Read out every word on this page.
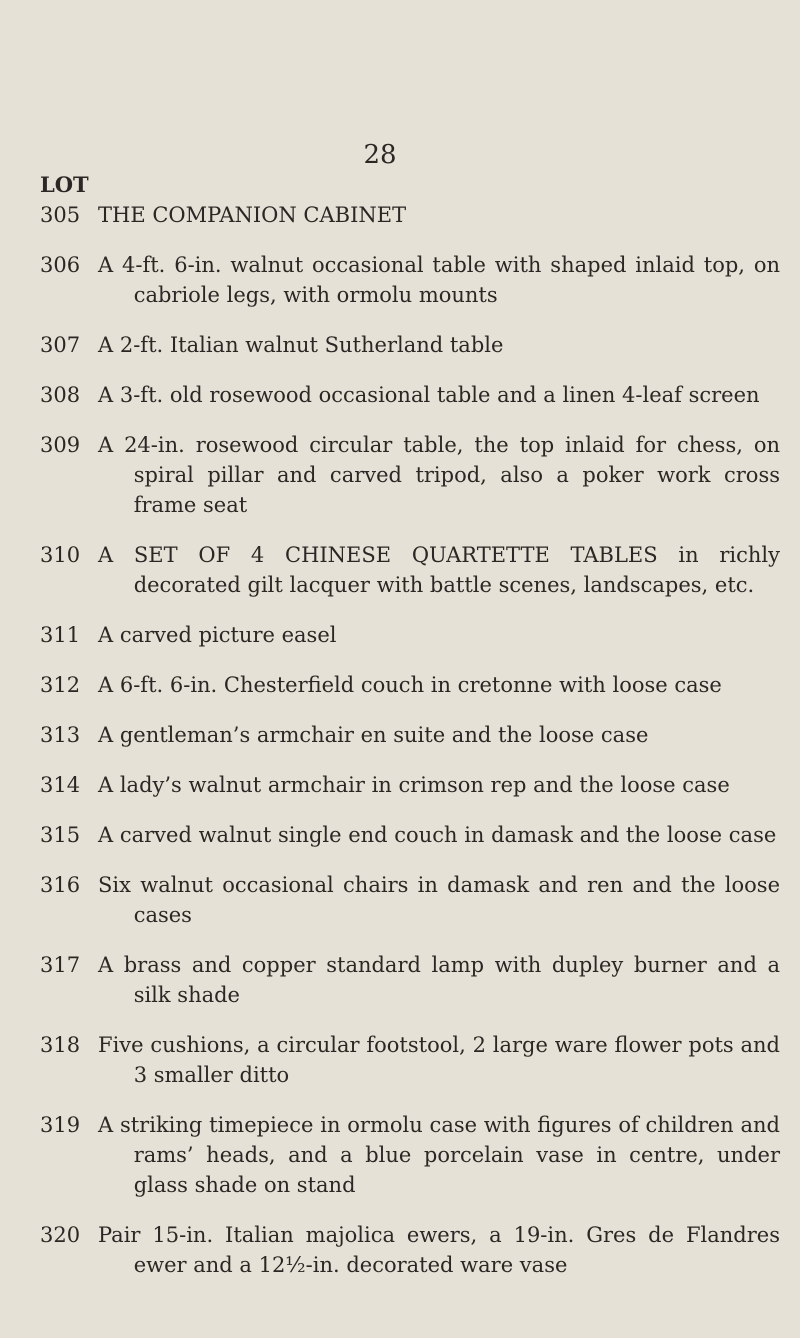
28
LOT
305 THE COMPANION CABINET
306 A 4-ft. 6-in. walnut occasional table with shaped inlaid top, on cabriole legs, with ormolu mounts
307 A 2-ft. Italian walnut Sutherland table
308 A 3-ft. old rosewood occasional table and a linen 4-leaf screen
309 A 24-in. rosewood circular table, the top inlaid for chess, on spiral pillar and carved tripod, also a poker work cross frame seat
310 A SET OF 4 CHINESE QUARTETTE TABLES in richly decorated gilt lacquer with battle scenes, landscapes, etc.
311 A carved picture easel
312 A 6-ft. 6-in. Chesterfield couch in cretonne with loose case
313 A gentleman’s armchair en suite and the loose case
314 A lady’s walnut armchair in crimson rep and the loose case
315 A carved walnut single end couch in damask and the loose case
316 Six walnut occasional chairs in damask and ren and the loose cases
317 A brass and copper standard lamp with dupley burner and a silk shade
318 Five cushions, a circular footstool, 2 large ware flower pots and 3 smaller ditto
319 A striking timepiece in ormolu case with figures of children and rams’ heads, and a blue porcelain vase in centre, under glass shade on stand
320 Pair 15-in. Italian majolica ewers, a 19-in. Gres de Flandres ewer and a 12½-in. decorated ware vase
